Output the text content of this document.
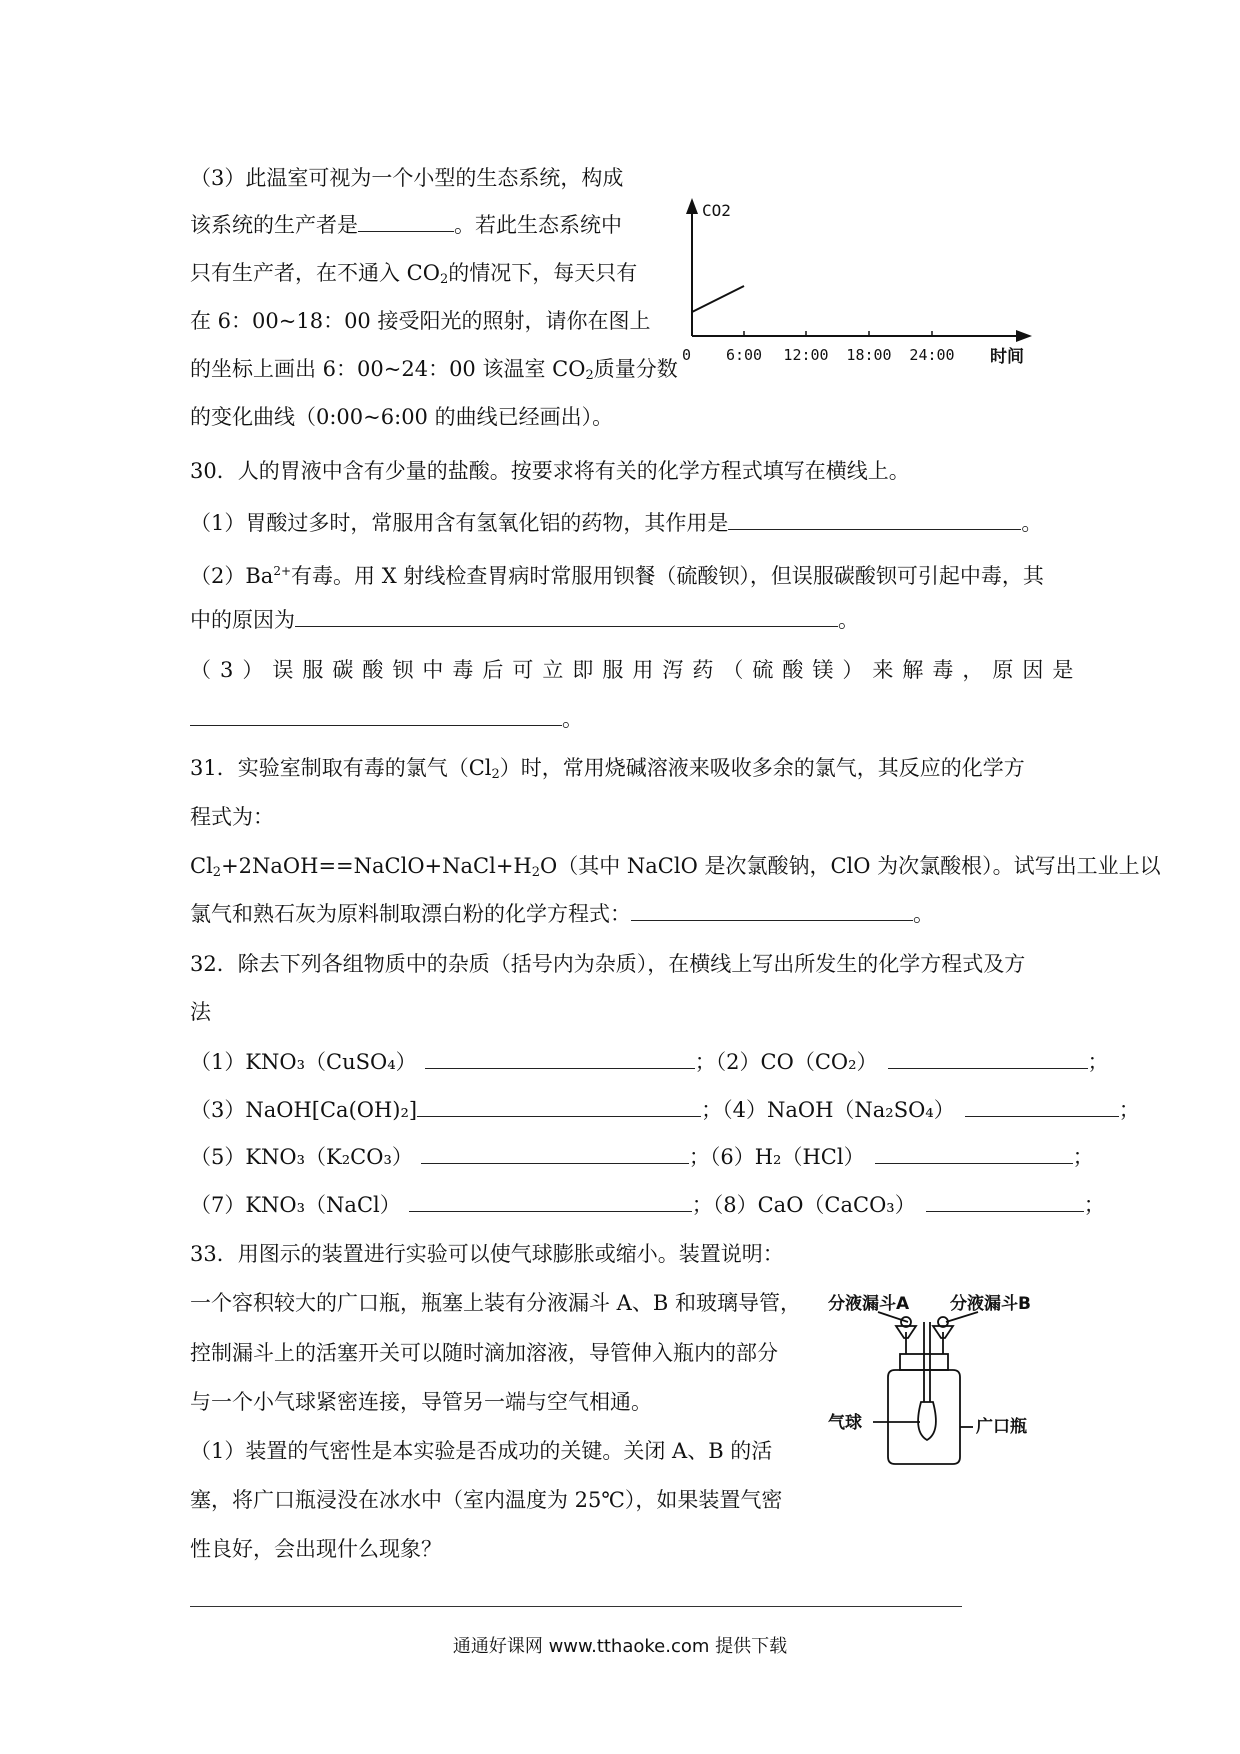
（3）此温室可视为一个小型的生态系统，构成
该系统的生产者是	。若此生态系统中
只有生产者，在不通入 $CO_2$的情况下，每天只有
在 6：00~18：00 接受阳光的照射，请你在图上
的坐标上画出 6：00~24：00 该温室 $CO_2$质量分数
的变化曲线（0:00~6:00 的曲线已经画出）。
CO2
0 6:00 12:00 18:00 24:00 时间
30．人的胃液中含有少量的盐酸。按要求将有关的化学方程式填写在横线上。
（1）胃酸过多时，常服用含有氢氧化铝的药物，其作用是	。
$(2)Ba^{2+}$有毒。用 X 射线检查胃病时常服用钡餐（硫酸钡），但误服碳酸钡可引起中毒，其
中的原因为	。
（3）误服碳酸钡中毒后可立即服用泻药（硫酸镁）来解毒，原因是
。
31．实验室制取有毒的氯气$(Cl_2)$时，常用烧碱溶液来吸收多余的氯气，其反应的化学方
程式为：
$Cl_2+2NaOH==NaClO+NaCl+H_2O$（其中 NaClO 是次氯酸钠，ClO 为次氯酸根）。试写出工业上以
氯气和熟石灰为原料制取漂白粉的化学方程式：	。
32．除去下列各组物质中的杂质（括号内为杂质），在横线上写出所发生的化学方程式及方
法
（1）KNO₃（CuSO₄）	；（2）CO（CO₂）	；
（3）NaOH[Ca(OH)₂]	；（4）NaOH（Na₂SO₄）	；
（5）KNO₃（K₂CO₃）	；（6）H₂（HCl）	；
（7）KNO₃（NaCl）	；（8）CaO（CaCO₃）	；
33．用图示的装置进行实验可以使气球膨胀或缩小。装置说明：
一个容积较大的广口瓶，瓶塞上装有分液漏斗 A、B 和玻璃导管，
控制漏斗上的活塞开关可以随时滴加溶液，导管伸入瓶内的部分
与一个小气球紧密连接，导管另一端与空气相通。
（1）装置的气密性是本实验是否成功的关键。关闭 A、B 的活
塞，将广口瓶浸没在冰水中（室内温度为 25℃），如果装置气密
性良好，会出现什么现象？
分液漏斗A 分液漏斗B
气球	广口瓶
通通好课网 www.tthaoke.com 提供下载
